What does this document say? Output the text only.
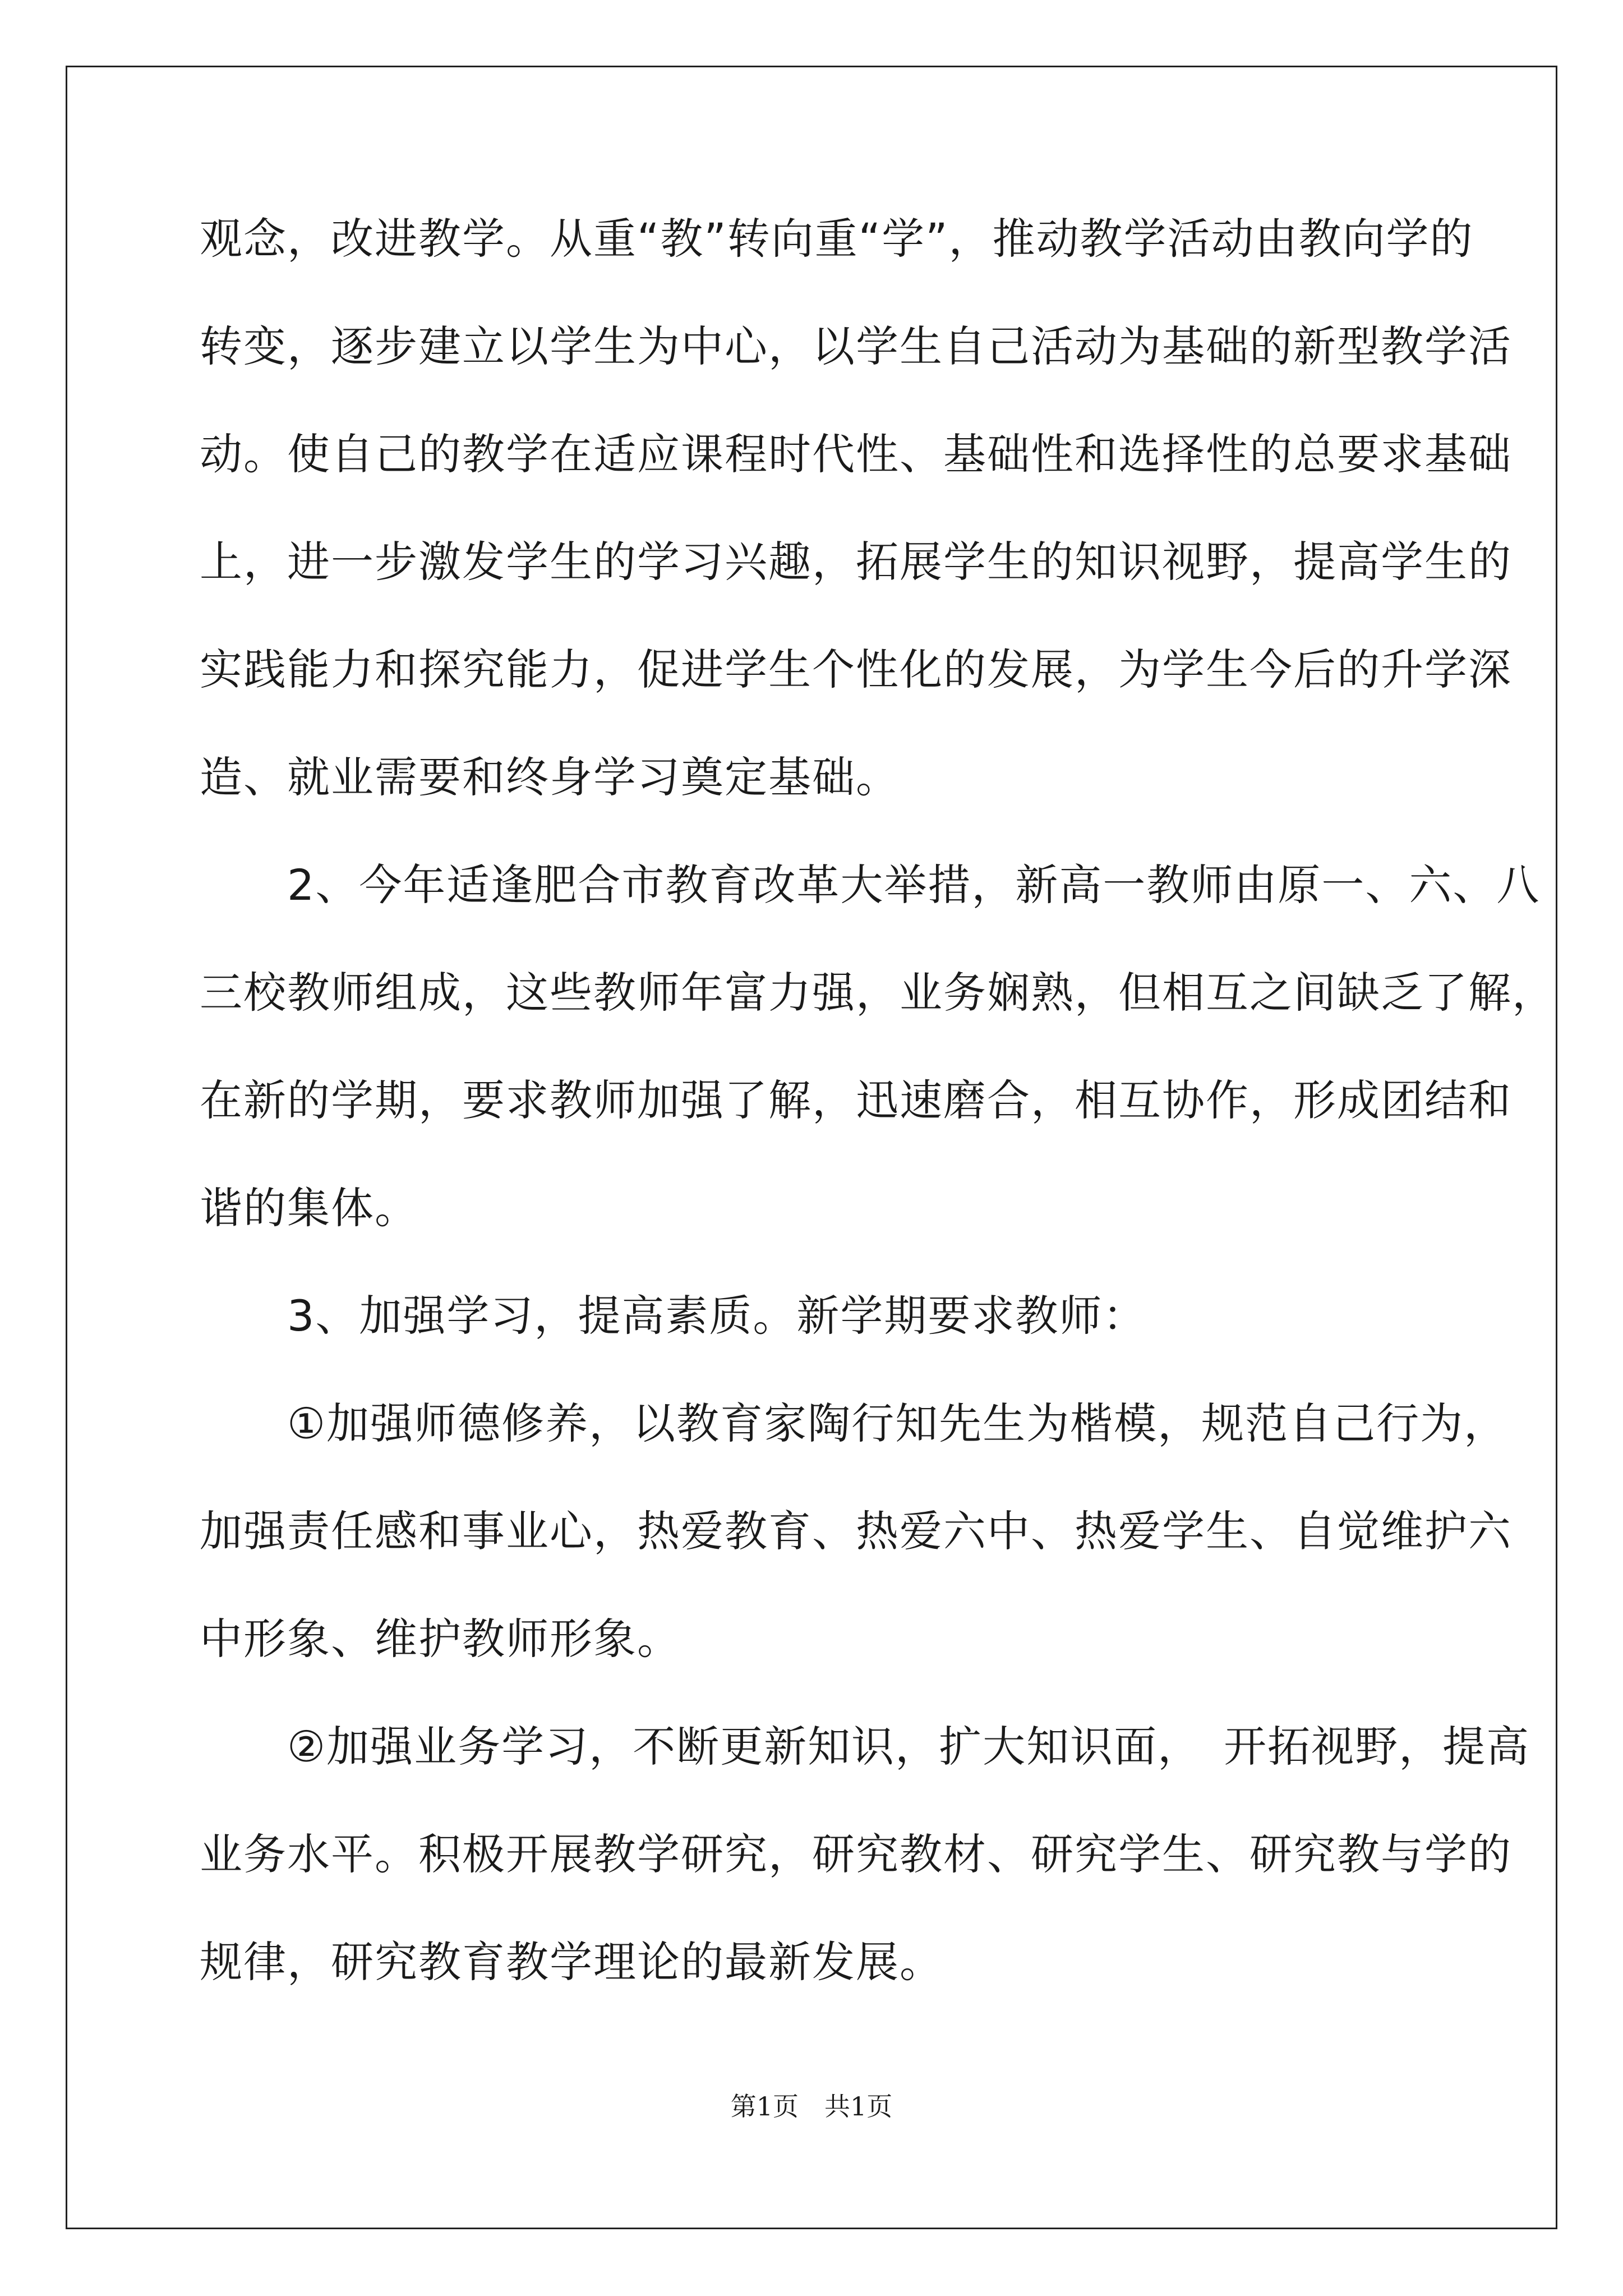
观念，改进教学。从重“教”转向重“学”，推动教学活动由教向学的

转变，逐步建立以学生为中心，以学生自己活动为基础的新型教学活

动。使自己的教学在适应课程时代性、基础性和选择性的总要求基础

上，进一步激发学生的学习兴趣，拓展学生的知识视野，提高学生的

实践能力和探究能力，促进学生个性化的发展，为学生今后的升学深

造、就业需要和终身学习奠定基础。

　　2、今年适逢肥合市教育改革大举措，新高一教师由原一、六、八

三校教师组成，这些教师年富力强，业务娴熟，但相互之间缺乏了解，

在新的学期，要求教师加强了解，迅速磨合，相互协作，形成团结和

谐的集体。

　　3、加强学习，提高素质。新学期要求教师：

　　①加强师德修养，以教育家陶行知先生为楷模，规范自己行为，

加强责任感和事业心，热爱教育、热爱六中、热爱学生、自觉维护六

中形象、维护教师形象。

　　②加强业务学习，不断更新知识，扩大知识面，　开拓视野，提高

业务水平。积极开展教学研究，研究教材、研究学生、研究教与学的

规律，研究教育教学理论的最新发展。

第1页　共1页
